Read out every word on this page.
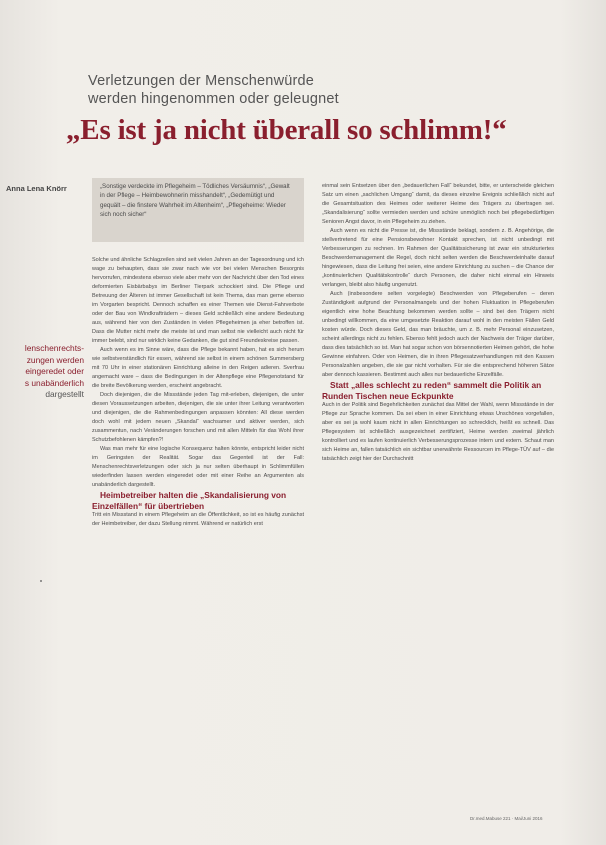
Verletzungen der Menschenwürde
werden hingenommen oder geleugnet
„Es ist ja nicht überall so schlimm!“
Anna Lena Knörr
lenschenrechts-
zungen werden
eingeredet oder
s unabänderlich
dargestellt
„Sonstige verdeckte im Pflegeheim – Tödliches Versäumnis“, „Gewalt in der Pflege – Heimbewohnerin misshandelt“, „Gedemütigt und gequält – die finstere Wahrheit im Altenheim“, „Pflegeheime: Wieder sich noch sicher“

Solche und ähnliche Schlagzeilen sind seit vielen Jahren an der Tagesordnung und ich wage zu behaupten, dass sie zwar nach wie vor bei vielen Menschen Besorgnis hervorrufen, mindestens ebenso viele aber mehr von der Nachricht über den Tod eines deformierten Eisbärbabys im Berliner Tierpark schockiert sind. Die Pflege und Betreuung der Älteren ist immer Gesellschaft ist kein Thema, das man gerne ebenso im Vorgarten bespricht. Dennoch schaffen es einer Themen wie Dienst-Fahrverbote oder der Bau von Windkrafträdern – dieses Geld schließlich eine andere Bedeutung aus, während hier von den Zuständen in vielen Pflegeheimen ja eher betroffen ist. Dass die Mutter nicht mehr die meiste ist und man selbst nie vielleicht auch nicht für immer belebt, sind nur wirklich keine Gedanken, die gut sind Freundeskreise passen.

Auch wenn es im Sinne wäre, dass die Pflege bekannt haben, hat es sich herum wie selbstverständlich für essen, während sie selbst in einem schönen Summersberg mit 70 Uhr in einer stationären Einrichtung alleine in den Reigen adieren. Sverfrau angemacht ware – dass die Bedingungen in der Altenpflege eine Pflegenotstand für die breite Bevölkerung werden, erscheint angebracht.

Doch diejenigen, die die Missstände jeden Tag mit-erleben, diejenigen, die unter diesen Voraussetzungen arbeiten, diejenigen, die sie unter ihrer Leitung verantworten und diejenigen, die die Rahmenbedingungen anpassen könnten: All diese werden doch wohl mit jedem neuen „Skandal“ wachsamer und aktiver werden, sich zusammentun, nach Veränderungen forschen und mit allen Mitteln für das Wohl ihrer Schutzbefohlenen kämpfen?!

Was man mehr für eine logische Konsequenz halten könnte, entspricht leider nicht im Geringsten der Realität. Sogar das Gegenteil ist der Fall: Menschenrechtsverletzungen oder sich ja nur selten überhaupt in Schlimmfüllen wiederfinden lassen werden eingeredet oder mit einer Reihe an Argumenten als unabänderlich dargestellt.

Heimbetreiber halten die „Skandalisierung von Einzelfällen“ für übertrieben

Tritt ein Missstand in einem Pflegeheim an die Öffentlichkeit, so ist es häufig zunächst der Heimbetreiber, der dazu Stellung nimmt. Während er natürlich erst

einmal sein Entsetzen über den „bedauerlichen Fall“ bekundet, bitte, er unterscheide gleichen Satz um einen „sachlichen Umgang“ damit, da dieses einzelne Ereignis schließlich nicht auf die Gesamtsituation des Heimes oder weiterer Heime des Trägers zu übertragen sei. „Skandalisierung“ sollte vermieden werden und schüre unmöglich noch bei pflegebedürftigen Senioren Angst davor, in ein Pflegeheim zu ziehen.

Auch wenn es nicht die Presse ist, die Missstände beklagt, sondern z. B. Angehörige, die stellvertretend für eine Pensionsbewohner Kontakt sprechen, ist nicht unbedingt mit Verbesserungen zu rechnen. Im Rahmen der Qualitätssicherung ist zwar ein strukturiertes Beschwerdemanagement die Regel, doch nicht selten werden die Beschwerdeinhalte darauf hingewiesen, dass die Leitung frei seien, eine andere Einrichtung zu suchen – die Chance der „kontinuierlichen Qualitätskontrolle“ durch Personen, die daher nicht einmal ein Hinweis verlangen, bleibt also häufig ungenutzt.

Auch (insbesondere selten vorgelegte) Beschwerden von Pflegeberufen – deren Zuständigkeit aufgrund der Personalmangels und der hohen Fluktuation in Pflegeberufen eigentlich eine hohe Beachtung bekommen werden sollte – sind bei den Trägern nicht unbedingt willkommen, da eine umgesetzte Reaktion darauf wohl in den meisten Fällen Geld kosten würde. Doch dieses Geld, das man bräuchte, um z. B. mehr Personal einzusetzen, scheint allerdings nicht zu fehlen. Ebenso fehlt jedoch auch der Nachweis der Träger darüber, dass dies tatsächlich so ist. Man hat sogar schon von börsennotierten Heimen gehört, die hohe Gewinne einfahren. Oder von Heimen, die in ihren Pflegesatzverhandlungen mit den Kassen Personalzahlen angeben, die sie gar nicht vorhalten. Für sie die entsprechend höheren Sätze aber dennoch kassieren. Bestimmt auch alles nur bedauerliche Einzelfälle.

Statt „alles schlecht zu reden“ sammelt die Politik an Runden Tischen neue Eckpunkte

Auch in der Politik sind Begehrlichkeiten zunächst das Mittel der Wahl, wenn Missstände in der Pflege zur Sprache kommen. Da sei eben in einer Einrichtung etwas Unschönes vorgefallen, aber es sei ja wohl kaum nicht in allen Einrichtungen so schrecklich, heißt es schnell. Das Pflegesystem ist schließlich ausgezeichnet zertifiziert, Heime werden zweimal jährlich kontrolliert und es laufen kontinuierlich Verbesserungsprozesse intern und extern. Schaut man sich Heime an, fallen tatsächlich ein sichtbar unerwähnte Ressourcen im Pflege-TÜV auf – die tatsächlich zeigt hier der Durchschnitt

Dr.med.Mabuse 221 · Mai/Juni 2016
